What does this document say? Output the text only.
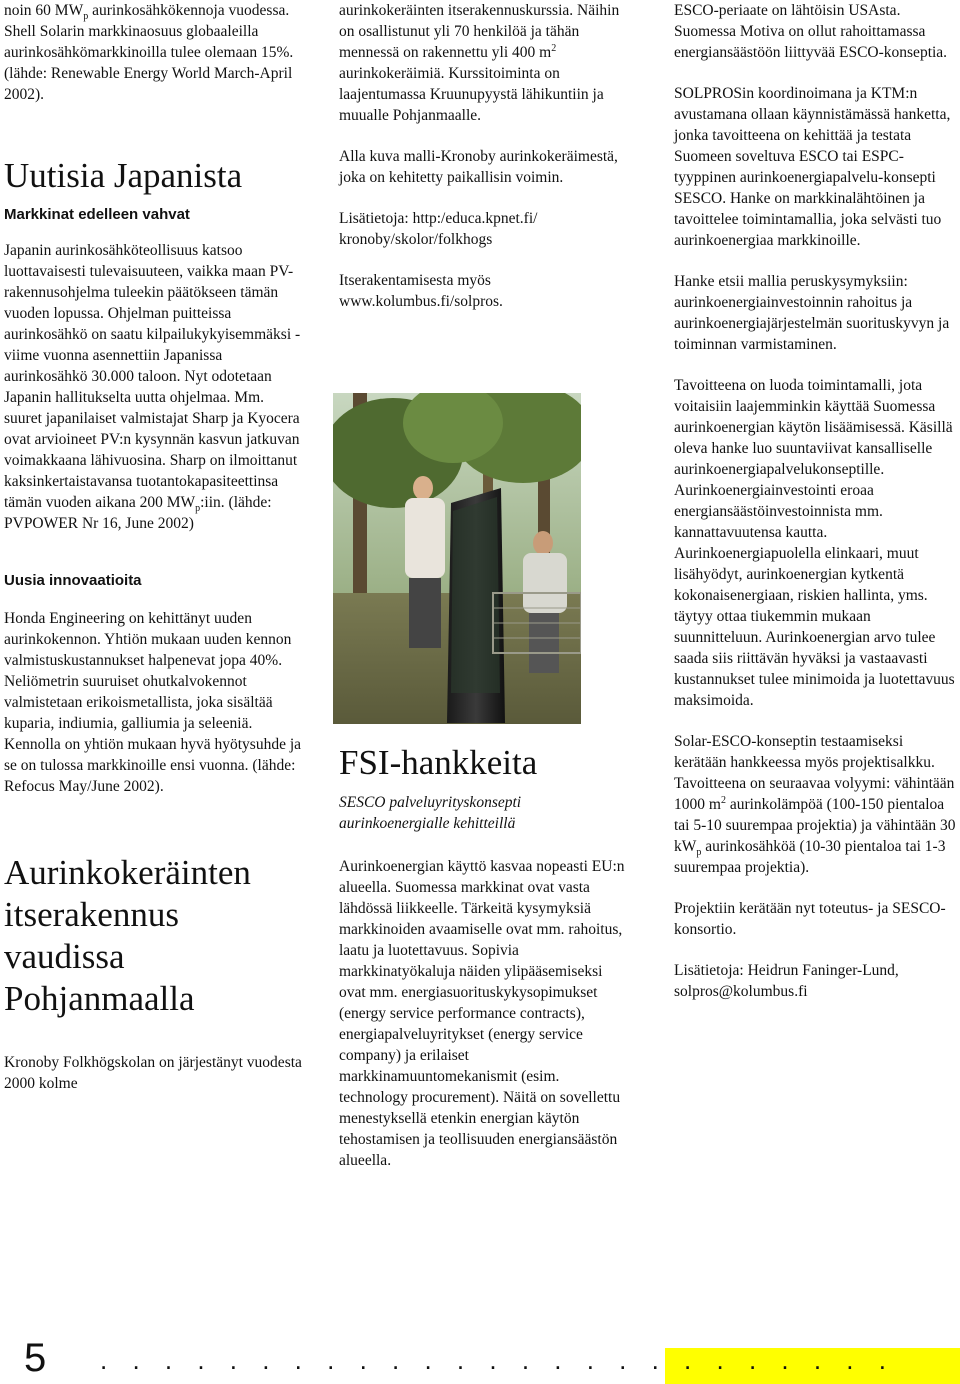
noin 60 $MW_p$ aurinkosähkökennoja vuodessa. Shell Solarin markkinaosuus globaaleilla aurinkosähkömarkkinoilla tulee olemaan 15%. (lähde: Renewable Energy World March-April 2002).

Uutisia Japanista
Markkinat edelleen vahvat

Japanin aurinkosähköteollisuus katsoo luottavaisesti tulevaisuuteen, vaikka maan PV-rakennusohjelma tuleekin päätökseen tämän vuoden lopussa. Ohjelman puitteissa aurinkosähkö on saatu kilpailukykyisemmäksi - viime vuonna asennettiin Japanissa aurinkosähkö 30.000 taloon. Nyt odotetaan Japanin hallitukselta uutta ohjelmaa. Mm. suuret japanilaiset valmistajat Sharp ja Kyocera ovat arvioineet PV:n kysynnän kasvun jatkuvan voimakkaana lähivuosina. Sharp on ilmoittanut kaksinkertaistavansa tuotantokapasiteettinsa tämän vuoden aikana 200 $MW_p:iin$. (lähde: PVPOWER Nr 16, June 2002)

Uusia innovaatioita

Honda Engineering on kehittänyt uuden aurinkokennon. Yhtiön mukaan uuden kennon valmistuskustannukset halpenevat jopa 40%. Neliömetrin suuruiset ohutkalvokennot valmistetaan erikoismetallista, joka sisältää kuparia, indiumia, galliumia ja seleeniä. Kennolla on yhtiön mukaan hyvä hyötysuhde ja se on tulossa markkinoille ensi vuonna. (lähde: Refocus May/June 2002).

Aurinkokeräinten itserakennus vaudissa Pohjanmaalla

Kronoby Folkhögskolan on järjestänyt vuodesta 2000 kolme

aurinkokeräinten itserakennuskurssia. Näihin on osallistunut yli 70 henkilöä ja tähän mennessä on rakennettu yli 400 $m^2$ aurinkokeräimiä. Kurssitoiminta on laajentumassa Kruunupyystä lähikuntiin ja muualle Pohjanmaalle.

Alla kuva malli-Kronoby aurinkokeräimestä, joka on kehitetty paikallisin voimin.

Lisätietoja: http:/educa.kpnet.fi/ kronoby/skolor/folkhogs

Itserakentamisesta myös www.kolumbus.fi/solpros.

FSI-hankkeita

SESCO palveluyrityskonsepti aurinkoenergialle kehitteillä

Aurinkoenergian käyttö kasvaa nopeasti EU:n alueella. Suomessa markkinat ovat vasta lähdössä liikkeelle. Tärkeitä kysymyksiä markkinoiden avaamiselle ovat mm. rahoitus, laatu ja luotettavuus. Sopivia markkinatyökaluja näiden ylipääsemiseksi ovat mm. energiasuorituskykysopimukset (energy service performance contracts), energiapalveluyritykset (energy service company) ja erilaiset markkinamuuntomekanismit (esim. technology procurement). Näitä on sovellettu menestyksellä etenkin energian käytön tehostamisen ja teollisuuden energiansäästön alueella.

ESCO-periaate on lähtöisin USAsta. Suomessa Motiva on ollut rahoittamassa energiansäästöön liittyvää ESCO-konseptia.

SOLPROSin koordinoimana ja KTM:n avustamana ollaan käynnistämässä hanketta, jonka tavoitteena on kehittää ja testata Suomeen soveltuva ESCO tai ESPC-tyyppinen aurinkoenergiapalvelu-konsepti SESCO. Hanke on markkinalähtöinen ja tavoittelee toimintamallia, joka selvästi tuo aurinkoenergiaa markkinoille.

Hanke etsii mallia peruskysymyksiin: aurinkoenergiainvestoinnin rahoitus ja aurinkoenergiajärjestelmän suorituskyvyn ja toiminnan varmistaminen.

Tavoitteena on luoda toimintamalli, jota voitaisiin laajemminkin käyttää Suomessa aurinkoenergian käytön lisäämisessä. Käsillä oleva hanke luo suuntaviivat kansalliselle aurinkoenergiapalvelukonseptille. Aurinkoenergiainvestointi eroaa energiansäästöinvestoinnista mm. kannattavuutensa kautta. Aurinkoenergiapuolella elinkaari, muut lisähyödyt, aurinkoenergian kytkentä kokonaisenergiaan, riskien hallinta, yms. täytyy ottaa tiukemmin mukaan suunnitteluun. Aurinkoenergian arvo tulee saada siis riittävän hyväksi ja vastaavasti kustannukset tulee minimoida ja luotettavuus maksimoida.

Solar-ESCO-konseptin testaamiseksi kerätään hankkeessa myös projektisalkku. Tavoitteena on seuraavaa volyymi: vähintään 1000 $m^2$ aurinkolämpöä (100-150 pientaloa tai 5-10 suurempaa projektia) ja vähintään 30 $kW_p$ aurinkosähköä (10-30 pientaloa tai 1-3 suurempaa projektia).

Projektiin kerätään nyt toteutus- ja SESCO-konsortio.

Lisätietoja: Heidrun Faninger-Lund, solpros@kolumbus.fi

5 . . . . . . . . . . . . . . . . . . . . . . . . .
